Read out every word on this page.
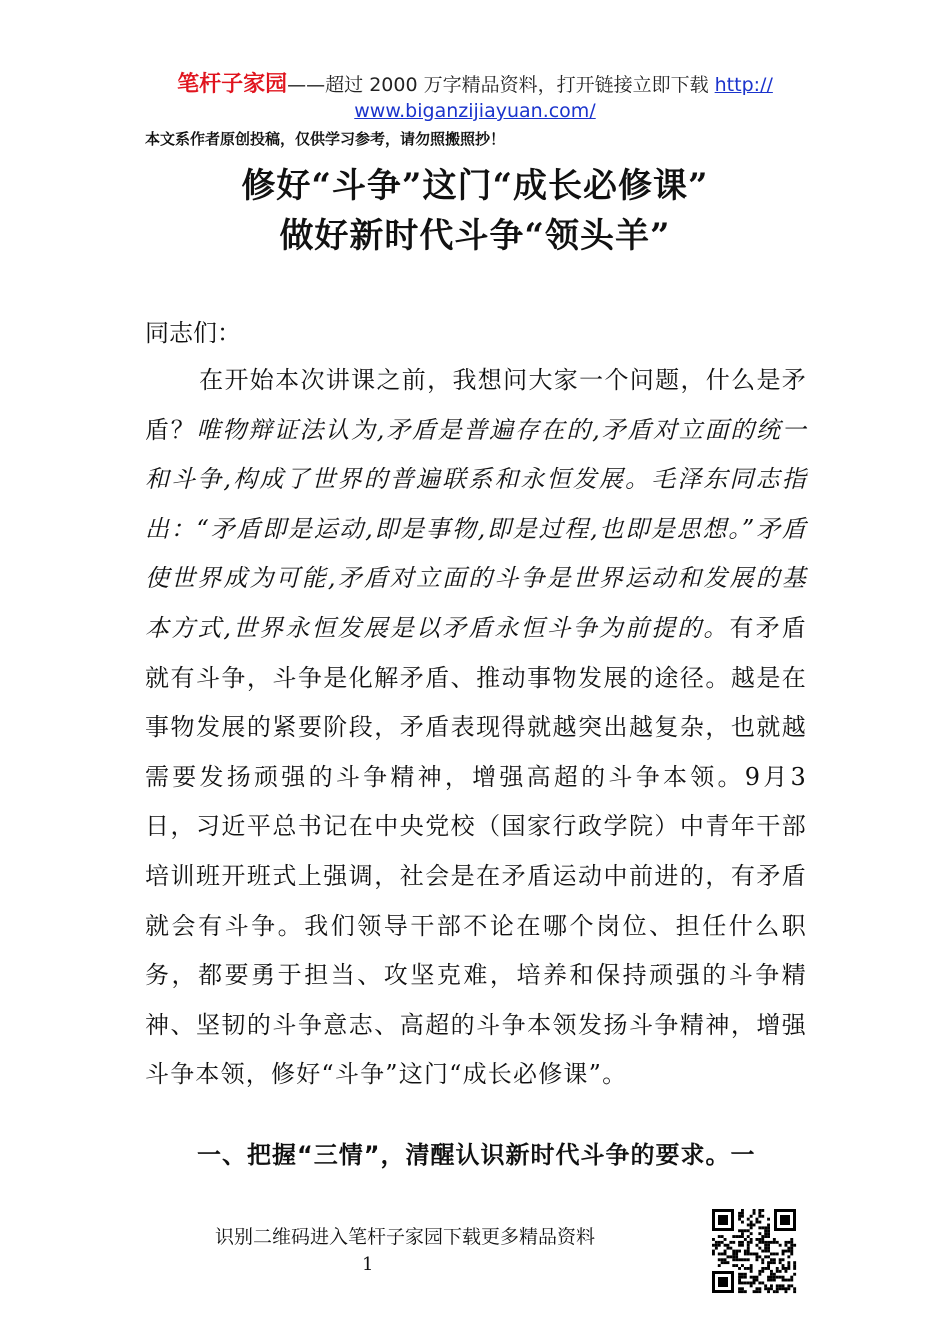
笔杆子家园——超过 2000 万字精品资料，打开链接立即下载 http://
www.biganzijiayuan.com/
本文系作者原创投稿，仅供学习参考，请勿照搬照抄！
修好“斗争”这门“成长必修课”
做好新时代斗争“领头羊”
同志们：
在开始本次讲课之前，我想问大家一个问题，什么是矛盾？唯物辩证法认为,矛盾是普遍存在的,矛盾对立面的统一和斗争,构成了世界的普遍联系和永恒发展。毛泽东同志指出：“矛盾即是运动,即是事物,即是过程,也即是思想。”矛盾使世界成为可能,矛盾对立面的斗争是世界运动和发展的基本方式,世界永恒发展是以矛盾永恒斗争为前提的。有矛盾就有斗争，斗争是化解矛盾、推动事物发展的途径。越是在事物发展的紧要阶段，矛盾表现得就越突出越复杂，也就越需要发扬顽强的斗争精神，增强高超的斗争本领。9月3日，习近平总书记在中央党校（国家行政学院）中青年干部培训班开班式上强调，社会是在矛盾运动中前进的，有矛盾就会有斗争。我们领导干部不论在哪个岗位、担任什么职务，都要勇于担当、攻坚克难，培养和保持顽强的斗争精神、坚韧的斗争意志、高超的斗争本领发扬斗争精神，增强斗争本领，修好“斗争”这门“成长必修课”。
一、把握“三情”，清醒认识新时代斗争的要求。一
识别二维码进入笔杆子家园下载更多精品资料
1
